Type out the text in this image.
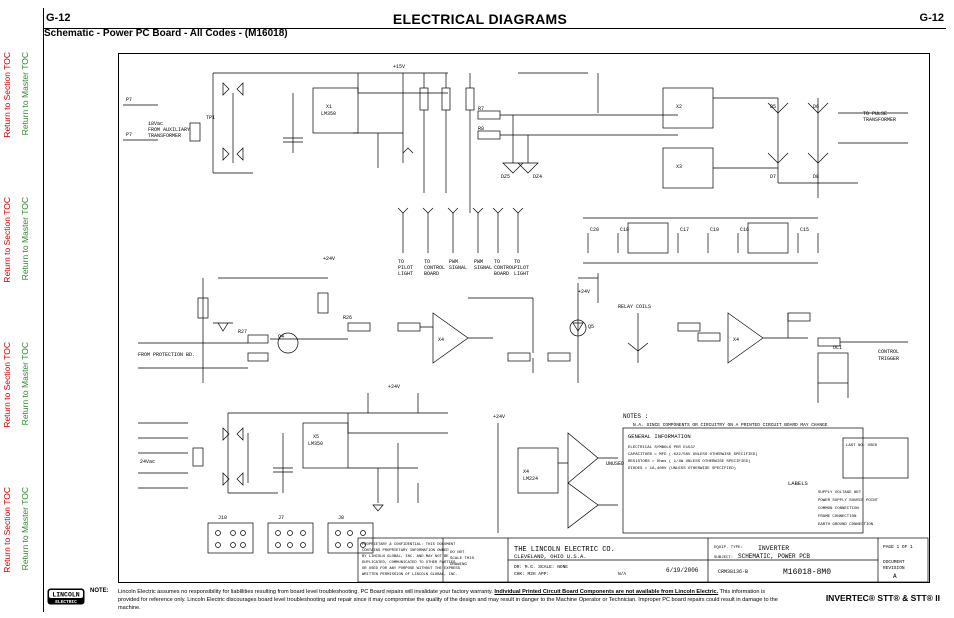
Return to Section TOC Return to Master TOC
Return to Section TOC Return to Master TOC
Return to Section TOC Return to Master TOC
Return to Section TOC Return to Master TOC
G-12	G-12
ELECTRICAL DIAGRAMS
Schematic - Power PC Board - All Codes - (M16018)
P7
P7
18Vac
FROM AUXILIARY
TRANSFORMER
TP1
X1
LM350
+15V
R7
R8
DZ5	DZ4
X2
X3
D5	D6
D7	D8
TO PULSE
TRANSFORMER
TO
PILOT
LIGHT
TO
CONTROL
BOARD
PWM
SIGNAL
PWM
SIGNAL
TO
CONTROL
BOARD
TO
PILOT
LIGHT
C20	C18	C17	C19	C16	C15
+24V
FROM PROTECTION BD.
Q4
R27
R26
X4
+24V
Q5
RELAY COILS
X4
CONTROL
TRIGGER
OCI
+24V
X5
LM350
24Vac
X4
LM224
+24V
UNUSED
J10	J7	J8
NOTES :
N.A. SINCE COMPONENTS OR CIRCUITRY ON A PRINTED CIRCUIT BOARD MAY CHANGE
GENERAL INFORMATION
ELECTRICAL SYMBOLS PER E1537
CAPACITORS = MFD (.022/50V UNLESS OTHERWISE SPECIFIED)
RESISTORS = Ohms ( 1/4W UNLESS OTHERWISE SPECIFIED)
DIODES = 1A,400V (UNLESS OTHERWISE SPECIFIED)
LABELS
SUPPLY VOLTAGE NET
POWER SUPPLY SOURCE POINT
COMMON CONNECTION
FRAME CONNECTION
EARTH GROUND CONNECTION
LAST NO. USED
PROPRIETARY & CONFIDENTIAL: THIS DOCUMENT
CONTAINS PROPRIETARY INFORMATION OWNED
BY LINCOLN GLOBAL, INC. AND MAY NOT BE
DUPLICATED, COMMUNICATED TO OTHER PARTIES
OR USED FOR ANY PURPOSE WITHOUT THE EXPRESS
WRITTEN PERMISSION OF LINCOLN GLOBAL, INC.
DO NOT
SCALE THIS
DRAWING
THE LINCOLN ELECTRIC CO.
CLEVELAND, OHIO U.S.A.
DR: M.G. SCALE: NONE
CHK: M2H APP:	N/A
6/19/2006
EQUIP. TYPE: INVERTER
SUBJECT: SCHEMATIC, POWER PCB
CRM38136-B	M16018-8M0
PAGE 1 OF 1
DOCUMENT
REVISION
A
LINCOLN
ELECTRIC
NOTE: Lincoln Electric assumes no responsibility for liablilities resulting from board level troubleshooting. PC Board repairs will invalidate your factory warranty. Individual Printed Circuit Board Components are not available from Lincoln Electric. This information is provided for reference only. Lincoln Electric discourages board level troubleshooting and repair since it may compromise the quality of the design and may result in danger to the Machine Operator or Technician. Improper PC board repairs could result in damage to the machine.
INVERTEC® STT® & STT® II
